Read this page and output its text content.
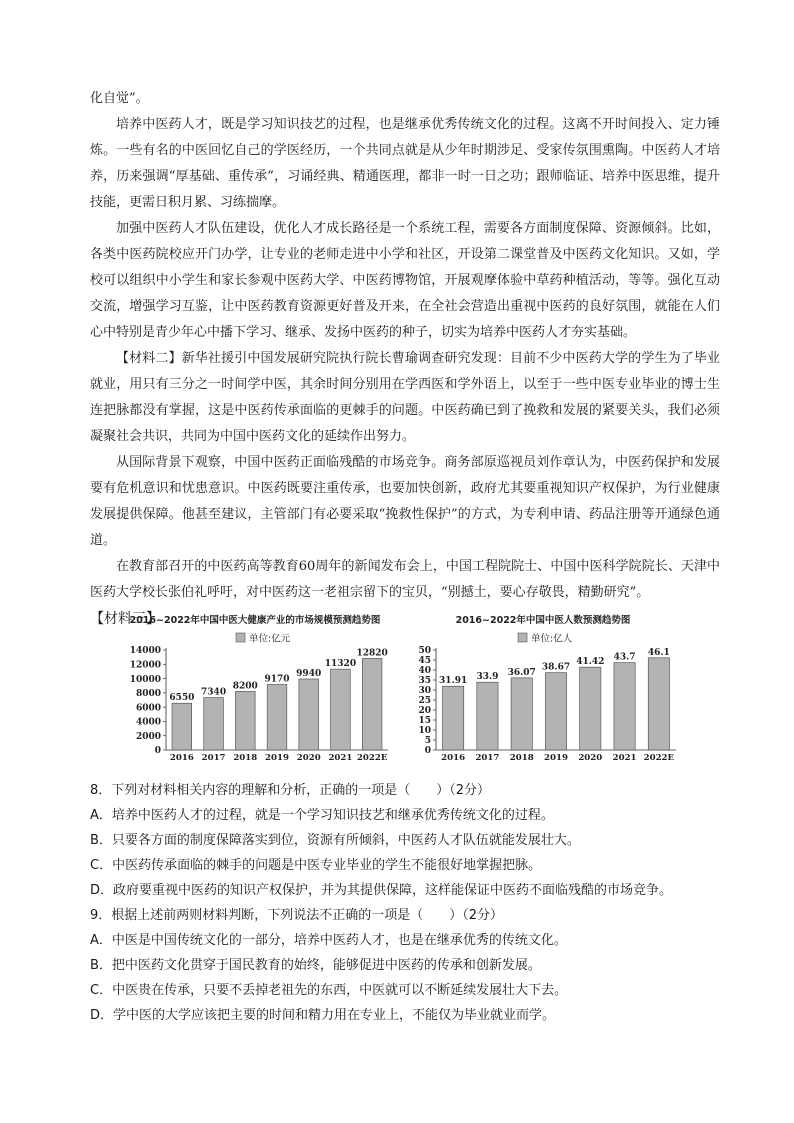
化自觉”。

培养中医药人才，既是学习知识技艺的过程，也是继承优秀传统文化的过程。这离不开时间投入、定力锤炼。一些有名的中医回忆自己的学医经历，一个共同点就是从少年时期涉足、受家传氛围熏陶。中医药人才培养，历来强调“厚基础、重传承”，习诵经典、精通医理，都非一时一日之功；跟师临证、培养中医思维，提升技能，更需日积月累、习练揣摩。

加强中医药人才队伍建设，优化人才成长路径是一个系统工程，需要各方面制度保障、资源倾斜。比如，各类中医药院校应开门办学，让专业的老师走进中小学和社区，开设第二课堂普及中医药文化知识。又如，学校可以组织中小学生和家长参观中医药大学、中医药博物馆，开展观摩体验中草药种植活动，等等。强化互动交流，增强学习互鉴，让中医药教育资源更好普及开来，在全社会营造出重视中医药的良好氛围，就能在人们心中特别是青少年心中播下学习、继承、发扬中医药的种子，切实为培养中医药人才夯实基础。

【材料二】新华社援引中国发展研究院执行院长曹瑜调查研究发现：目前不少中医药大学的学生为了毕业就业，用只有三分之一时间学中医，其余时间分别用在学西医和学外语上，以至于一些中医专业毕业的博士生连把脉都没有掌握，这是中医药传承面临的更棘手的问题。中医药确已到了挽救和发展的紧要关头，我们必须凝聚社会共识，共同为中国中医药文化的延续作出努力。

从国际背景下观察，中国中医药正面临残酷的市场竞争。商务部原巡视员刘作章认为，中医药保护和发展要有危机意识和忧患意识。中医药既要注重传承，也要加快创新，政府尤其要重视知识产权保护，为行业健康发展提供保障。他甚至建议，主管部门有必要采取“挽救性保护”的方式，为专利申请、药品注册等开通绿色通道。

在教育部召开的中医药高等教育60周年的新闻发布会上，中国工程院院士、中国中医科学院院长、天津中医药大学校长张伯礼呼吁，对中医药这一老祖宗留下的宝贝，“别撼土，要心存敬畏，精勤研究”。

【材料三】

2016~2022年中国中医大健康产业的市场规模预测趋势图
单位:亿元
0
2000
4000
6000
8000
10000
12000
14000
6550
2016
7340
2017
8200
2018
9170
2019
9940
2020
11320
2021
12820
2022E
2016~2022年中国中医人数预测趋势图
单位:亿人
0
5
10
15
20
25
30
35
40
45
50
31.91
2016
33.9
2017
36.07
2018
38.67
2019
41.42
2020
43.7
2021
46.1
2022E

8．下列对材料相关内容的理解和分析，正确的一项是（　　）（2分）

A．培养中医药人才的过程，就是一个学习知识技艺和继承优秀传统文化的过程。

B．只要各方面的制度保障落实到位，资源有所倾斜，中医药人才队伍就能发展壮大。

C．中医药传承面临的棘手的问题是中医专业毕业的学生不能很好地掌握把脉。

D．政府要重视中医药的知识产权保护，并为其提供保障，这样能保证中医药不面临残酷的市场竞争。

9．根据上述前两则材料判断，下列说法不正确的一项是（　　）（2分）

A．中医是中国传统文化的一部分，培养中医药人才，也是在继承优秀的传统文化。

B．把中医药文化贯穿于国民教育的始终，能够促进中医药的传承和创新发展。

C．中医贵在传承，只要不丢掉老祖先的东西，中医就可以不断延续发展壮大下去。

D．学中医的大学应该把主要的时间和精力用在专业上，不能仅为毕业就业而学。
